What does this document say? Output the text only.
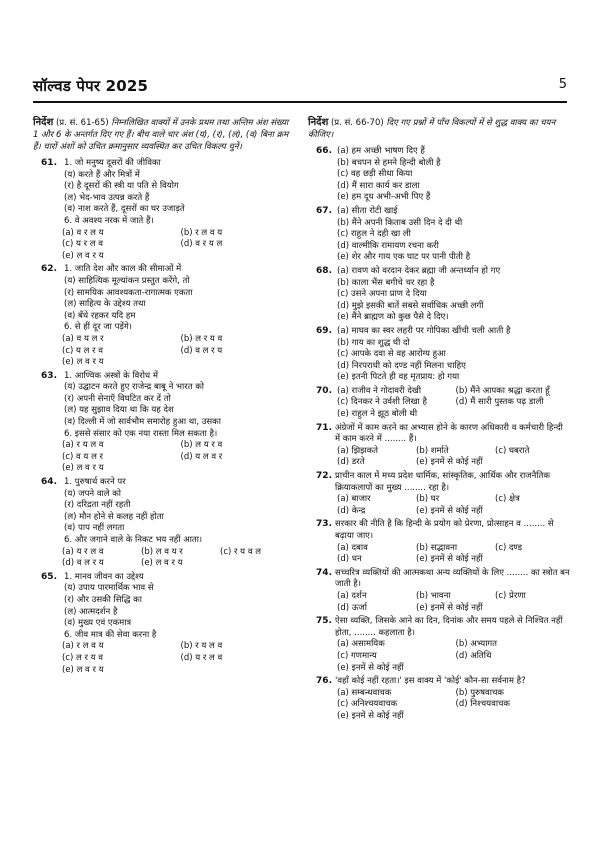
सॉल्वड पेपर 2025	5
निर्देश (प्र. सं. 61-65) निम्नलिखित वाक्यों में उनके प्रथम तथा अन्तिम अंश संख्या 1 और 6 के अन्तर्गत दिए गए हैं। बीच वाले चार अंश (य), (र), (ल), (व) बिना क्रम हैं। चारों अंशों को उचित क्रमानुसार व्यवस्थित कर उचित विकल्प चुनें।
61. 1. जो मनुष्य दूसरों की जीविका
(य) करते हैं और मित्रों में
(र) है दूसरों की स्त्री या पति से वियोग
(ल) भेद-भाव उत्पन्न करते हैं
(व) नाश करते हैं, दूसरों का घर उजाड़ते
6. वे अवश्य नरक में जाते हैं।
(a) व र ल य	(b) र ल व य
(c) य र ल व	(d) व र य ल
(e) ल व र य
62. 1. जाति देश और काल की सीमाओं में
(य) साहित्यिक मूल्यांकन प्रस्तुत करेंगे, तो
(र) सामयिक आवश्यकता-रागात्मक एकता
(ल) साहित्य के उद्देश्य तथा
(व) बँधे रहकर यदि हम
6. से हीं दूर जा पड़ेंगे।
(a) व य ल र	(b) ल र य व
(c) य ल र व	(d) व ल र य
(e) ल व र य
63. 1. आण्विक अस्त्रों के विरोध में
(य) उद्घाटन करते हुए राजेन्द्र बाबू ने भारत को
(र) अपनी सेनाएँ विघटित कर दें तो
(ल) यह सुझाव दिया था कि यह देश
(व) दिल्ली में जो सार्वभौम समारोह हुआ था, उसका
6. इससे संसार को एक नया रास्ता मिल सकता है।
(a) र य ल व	(b) ल य र व
(c) व य ल र	(d) य ल व र
(e) ल व र य
64. 1. पुरुषार्थ करने पर
(य) जपने वाले को
(र) दरिद्रता नहीं रहती
(ल) मौन होने से कलह नहीं होता
(व) पाप नहीं लगता
6. और जगाने वाले के निकट भय नहीं आता।
(a) य र ल व	(b) ल व य र	(c) र य व ल
(d) व ल र य	(e) ल व र य
65. 1. मानव जीवन का उद्देश्य
(य) उपाय पारमार्थिक भाव से
(र) और उसकी सिद्धि का
(ल) आत्मदर्शन है
(व) मुख्य एवं एकमात्र
6. जीव मात्र की सेवा करना है
(a) र ल व य	(b) र य ल व
(c) ल र य व	(d) य र ल व
(e) ल व र य
निर्देश (प्र. सं. 66-70) दिए गए प्रश्नों में पाँच विकल्पों में से शुद्ध वाक्य का चयन कीजिए।
66. (a) हम अच्छी भाषण दिए हैं
(b) बचपन से हमने हिन्दी बोली है
(c) वह छड़ी सीधा किया
(d) मैं सारा कार्य कर डाला
(e) हम दूध अभी-अभी पिए हैं
67. (a) सीता रोटी खाई
(b) मैंने अपनी किताब उसी दिन दे दी थी
(c) राहुल ने दही खा ली
(d) वाल्मीकि रामायण रचना करी
(e) शेर और गाय एक घाट पर पानी पीती है
68. (a) रावण को वरदान देकर ब्रह्मा जी अन्तर्ध्यान हो गए
(b) काला भैंस बगीचे चर रहा है
(c) उसने अपना प्राण दे दिया
(d) मुझे इसकी बातें सबसे सर्वाधिक अच्छी लगीं
(e) मैंने ब्राह्मण को कुछ पैसे दे दिए।
69. (a) माघव का स्वर लहरी पर गोपिका खींची चली आती है
(b) गाय का शुद्ध घी दो
(c) आपके दवा से वह आरोग्य हुआ
(d) निरपराधी को दण्ड नहीं मिलना चाहिए
(e) इतनी पिटते ही वह मृतप्राय: हो गया
70. (a) राजीव ने गोदावरी देखी	(b) मैंने आपका श्रद्धा करता हूँ
(c) दिनकर ने उर्वशी लिखा है	(d) मैं सारी पुस्तक पढ़ डाली
(e) राहुल ने झूठ बोली थी
71. अंग्रेजों में काम करने का अभ्यास होने के कारण अधिकारी व कर्मचारी हिन्दी में काम करने में ........ हैं।
(a) झिझकते	(b) शर्माते	(c) घबराते
(d) डरते	(e) इनमें से कोई नहीं
72. प्राचीन काल में मध्य प्रदेश धार्मिक, सांस्कृतिक, आर्थिक और राजनैतिक क्रियाकलापों का मुख्य ........ रहा है।
(a) बाजार	(b) घर	(c) क्षेत्र
(d) केन्द्र	(e) इनमें से कोई नहीं
73. सरकार की नीति है कि हिन्दी के प्रयोग को प्रेरणा, प्रोत्साहन व ........ से बढ़ाया जाए।
(a) दबाव	(b) सद्भावना	(c) दण्ड
(d) धन	(e) इनमें से कोई नहीं
74. सच्चरित्र व्यक्तियों की आत्मकथा अन्य व्यक्तियों के लिए ........ का स्त्रोत बन जाती है।
(a) दर्शन	(b) भावना	(c) प्रेरणा
(d) ऊर्जा	(e) इनमें से कोई नहीं
75. ऐसा व्यक्ति, जिसके आने का दिन, दिनांक और समय पहले से निश्चित नहीं होता, ........ कहलाता है।
(a) असामयिक	(b) अभ्यागत
(c) गणमान्य	(d) अतिथि
(e) इनमें से कोई नहीं
76. 'वहाँ कोई नहीं रहता।' इस वाक्य में 'कोई' कौन-सा सर्वनाम है?
(a) सम्बन्धवाचक	(b) पुरुषवाचक
(c) अनिश्चयवाचक	(d) निश्चयवाचक
(e) इनमें से कोई नहीं
